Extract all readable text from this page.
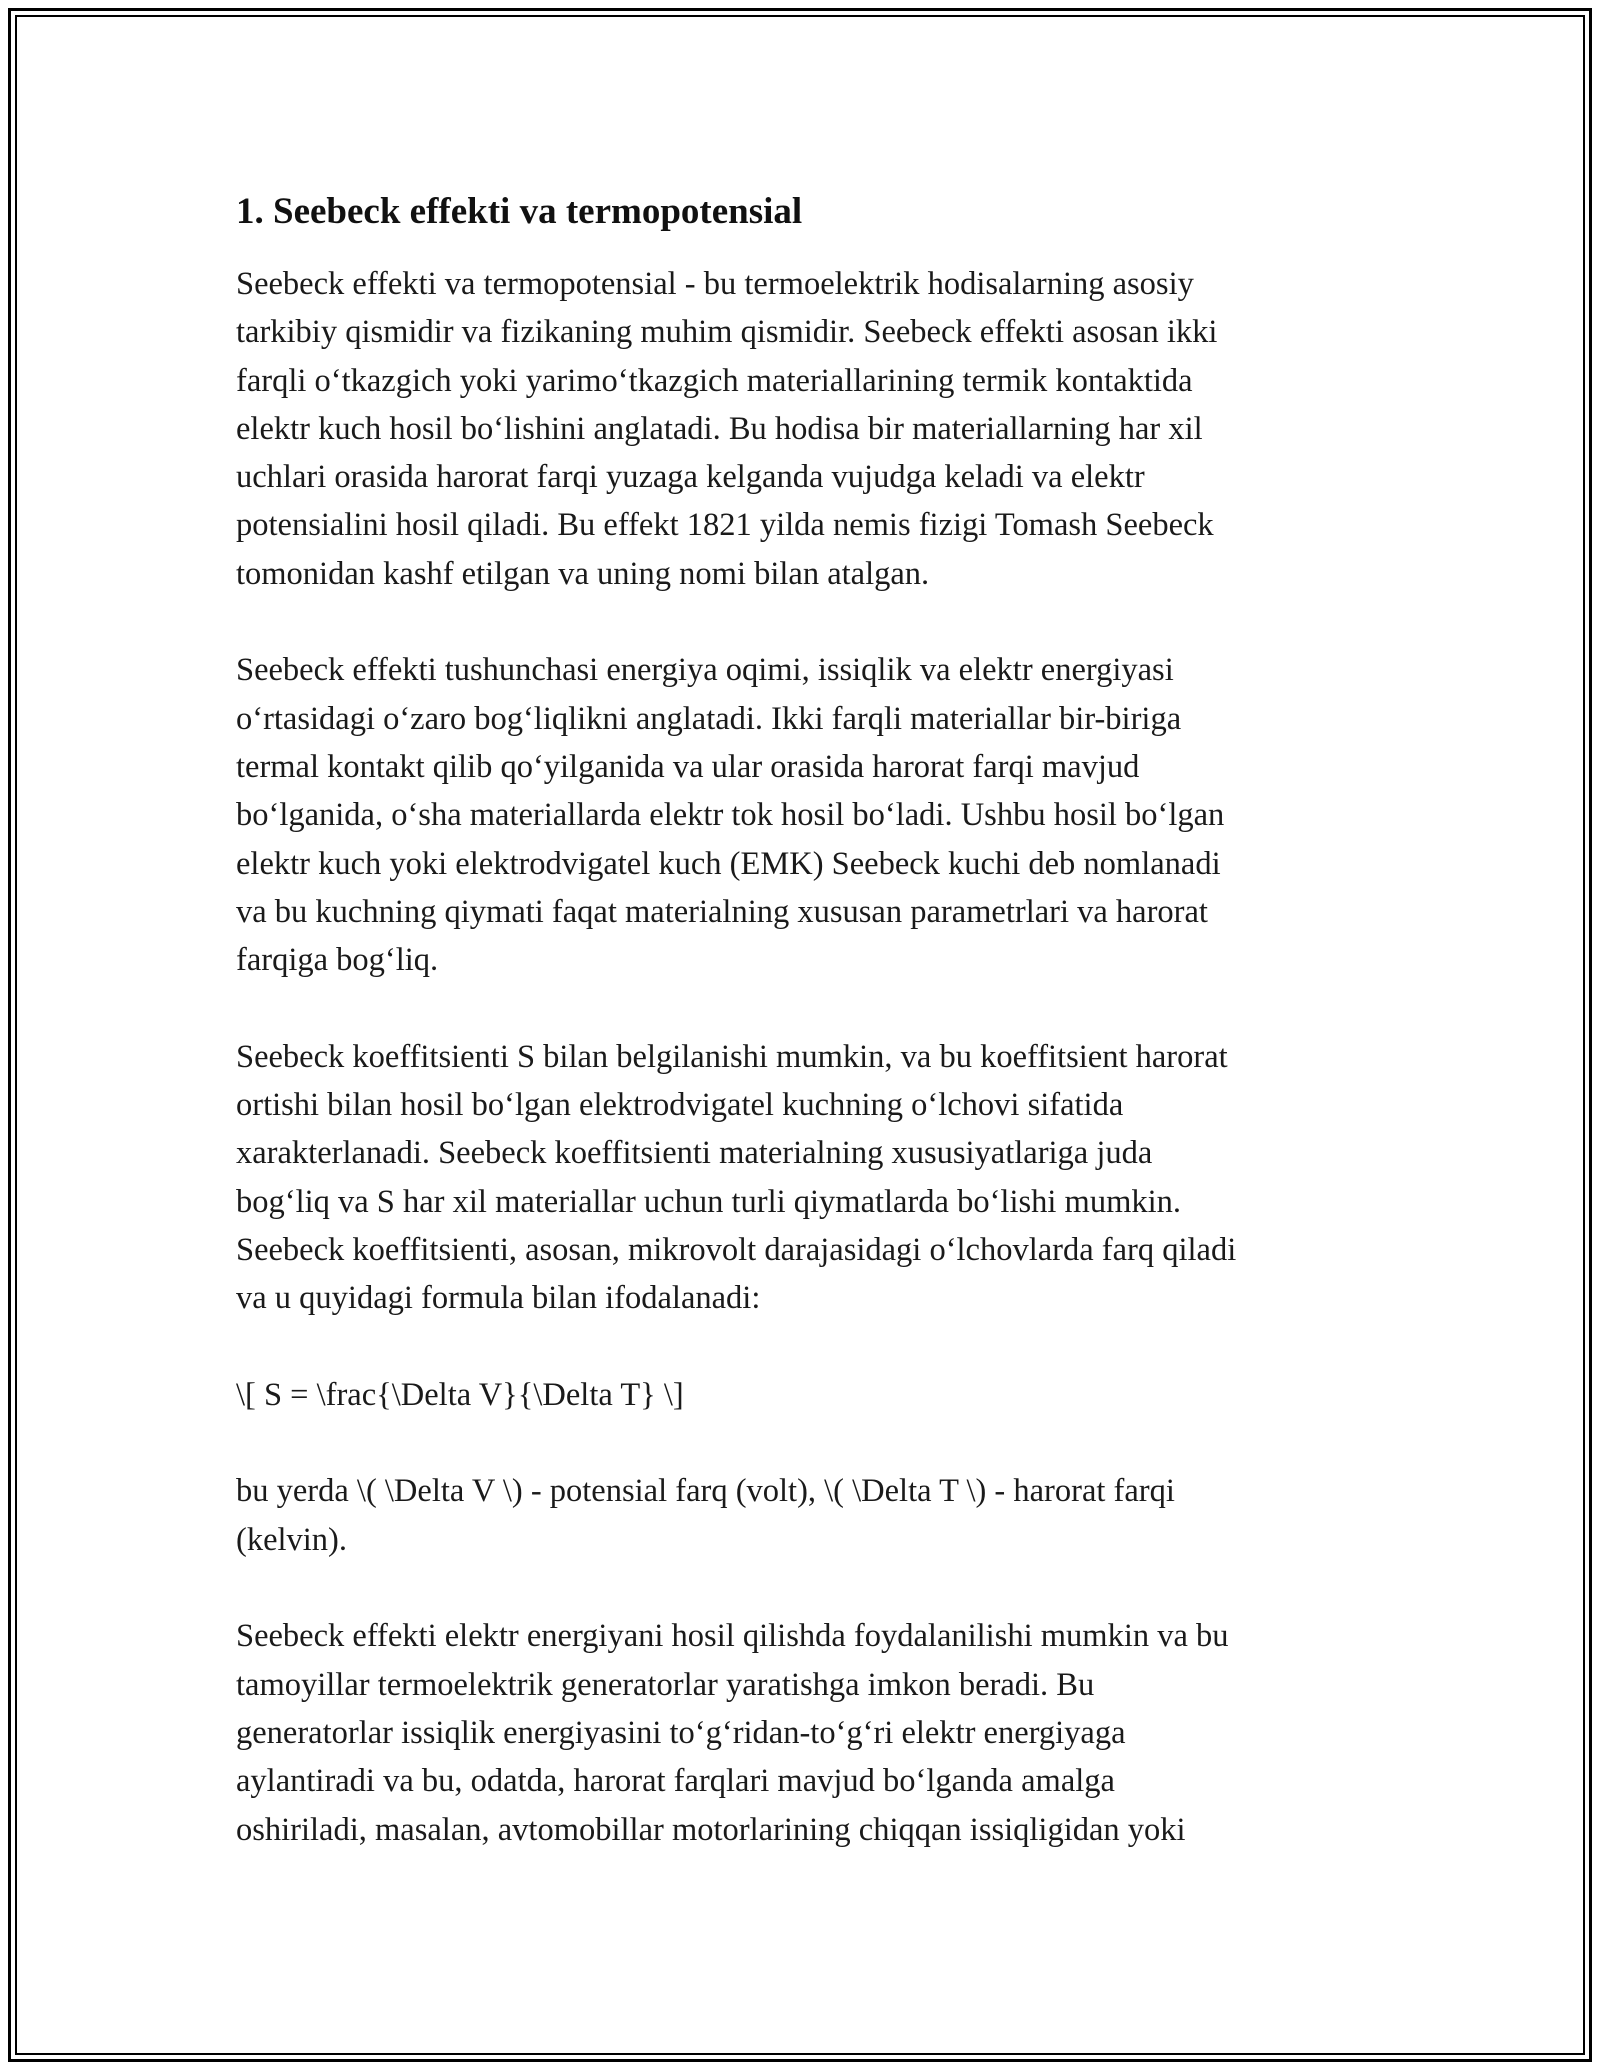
1. Seebeck effekti va termopotensial

Seebeck effekti va termopotensial - bu termoelektrik hodisalarning asosiy
tarkibiy qismidir va fizikaning muhim qismidir. Seebeck effekti asosan ikki
farqli o‘tkazgich yoki yarimo‘tkazgich materiallarining termik kontaktida
elektr kuch hosil bo‘lishini anglatadi. Bu hodisa bir materiallarning har xil
uchlari orasida harorat farqi yuzaga kelganda vujudga keladi va elektr
potensialini hosil qiladi. Bu effekt 1821 yilda nemis fizigi Tomash Seebeck
tomonidan kashf etilgan va uning nomi bilan atalgan.

Seebeck effekti tushunchasi energiya oqimi, issiqlik va elektr energiyasi
o‘rtasidagi o‘zaro bog‘liqlikni anglatadi. Ikki farqli materiallar bir-biriga
termal kontakt qilib qo‘yilganida va ular orasida harorat farqi mavjud
bo‘lganida, o‘sha materiallarda elektr tok hosil bo‘ladi. Ushbu hosil bo‘lgan
elektr kuch yoki elektrodvigatel kuch (EMK) Seebeck kuchi deb nomlanadi
va bu kuchning qiymati faqat materialning xususan parametrlari va harorat
farqiga bog‘liq.

Seebeck koeffitsienti S bilan belgilanishi mumkin, va bu koeffitsient harorat
ortishi bilan hosil bo‘lgan elektrodvigatel kuchning o‘lchovi sifatida
xarakterlanadi. Seebeck koeffitsienti materialning xususiyatlariga juda
bog‘liq va S har xil materiallar uchun turli qiymatlarda bo‘lishi mumkin.
Seebeck koeffitsienti, asosan, mikrovolt darajasidagi o‘lchovlarda farq qiladi
va u quyidagi formula bilan ifodalanadi:

\[ S = \frac{\Delta V}{\Delta T} \]

bu yerda \( \Delta V \) - potensial farq (volt), \( \Delta T \) - harorat farqi
(kelvin).

Seebeck effekti elektr energiyani hosil qilishda foydalanilishi mumkin va bu
tamoyillar termoelektrik generatorlar yaratishga imkon beradi. Bu
generatorlar issiqlik energiyasini to‘g‘ridan-to‘g‘ri elektr energiyaga
aylantiradi va bu, odatda, harorat farqlari mavjud bo‘lganda amalga
oshiriladi, masalan, avtomobillar motorlarining chiqqan issiqligidan yoki
